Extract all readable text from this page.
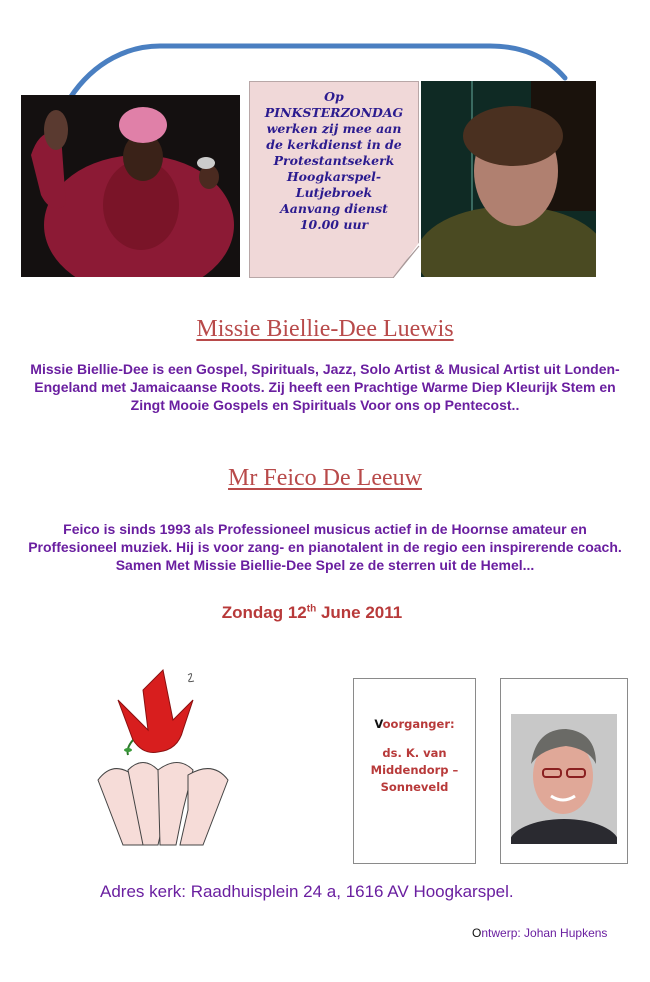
Op
PINKSTERZONDAG
werken zij mee aan
de kerkdienst in de
Protestantsekerk
Hoogkarspel-
Lutjebroek
Aanvang dienst
10.00 uur
Missie Biellie-Dee Luewis
Missie Biellie-Dee is een Gospel, Spirituals, Jazz, Solo Artist & Musical Artist uit Londen-Engeland met Jamaicaanse Roots. Zij heeft een Prachtige Warme Diep Kleurijk Stem en Zingt Mooie Gospels en Spirituals Voor ons op Pentecost..
Mr Feico De Leeuw
Feico is sinds 1993 als Professioneel musicus actief in de Hoornse amateur en Proffesioneel muziek. Hij is voor zang- en pianotalent in de regio een inspirerende coach. Samen Met Missie Biellie-Dee Spel ze de sterren uit de Hemel...
Zondag 12th June 2011
Voorganger:
ds. K. van
Middendorp –
Sonneveld
Adres kerk: Raadhuisplein 24 a, 1616 AV Hoogkarspel.
Ontwerp: Johan Hupkens
